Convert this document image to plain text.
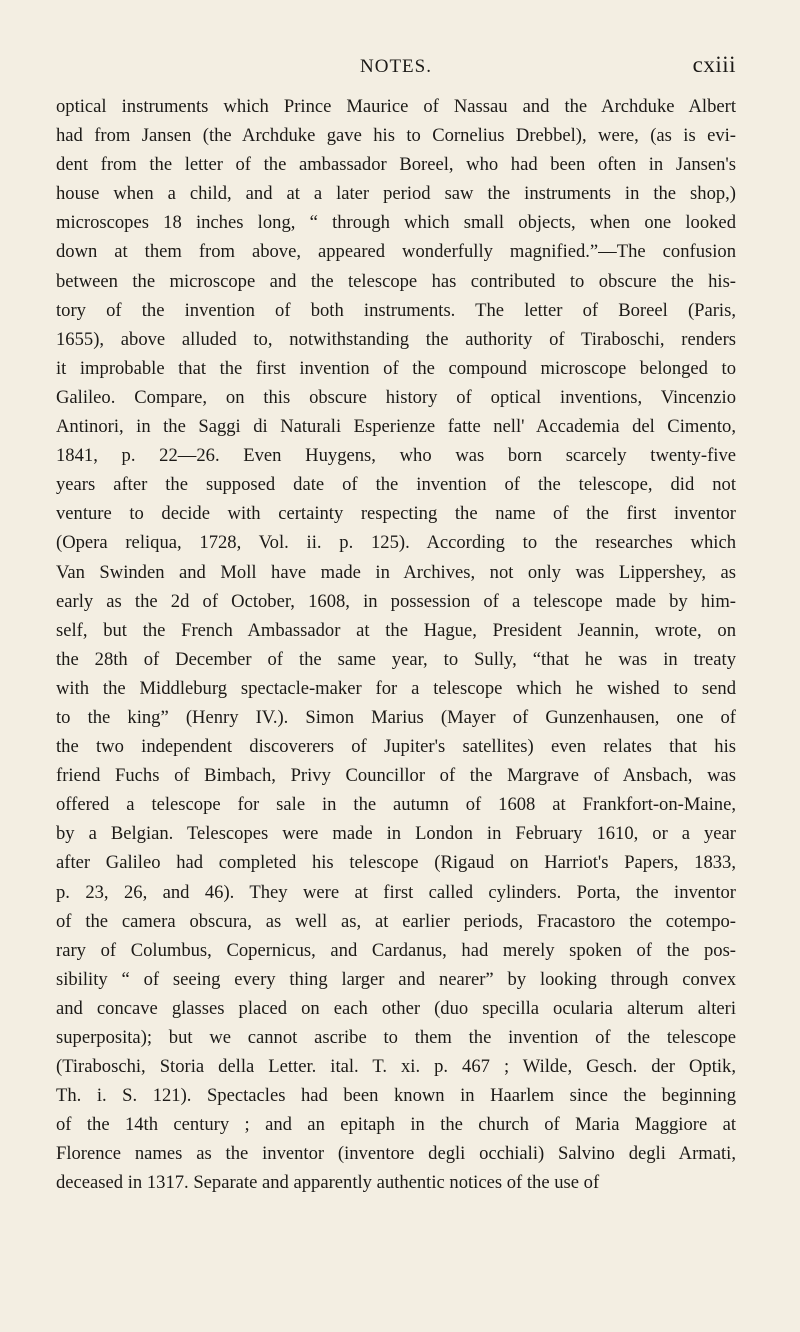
NOTES.	cxiii
optical instruments which Prince Maurice of Nassau and the Archduke Albert
had from Jansen (the Archduke gave his to Cornelius Drebbel), were, (as is evi-
dent from the letter of the ambassador Boreel, who had been often in Jansen's
house when a child, and at a later period saw the instruments in the shop,)
microscopes 18 inches long, “ through which small objects, when one looked
down at them from above, appeared wonderfully magnified.”—The confusion
between the microscope and the telescope has contributed to obscure the his-
tory of the invention of both instruments. The letter of Boreel (Paris,
1655), above alluded to, notwithstanding the authority of Tiraboschi, renders
it improbable that the first invention of the compound microscope belonged to
Galileo. Compare, on this obscure history of optical inventions, Vincenzio
Antinori, in the Saggi di Naturali Esperienze fatte nell' Accademia del Cimento,
1841, p. 22—26. Even Huygens, who was born scarcely twenty-five
years after the supposed date of the invention of the telescope, did not
venture to decide with certainty respecting the name of the first inventor
(Opera reliqua, 1728, Vol. ii. p. 125). According to the researches which
Van Swinden and Moll have made in Archives, not only was Lippershey, as
early as the 2d of October, 1608, in possession of a telescope made by him-
self, but the French Ambassador at the Hague, President Jeannin, wrote, on
the 28th of December of the same year, to Sully, “that he was in treaty
with the Middleburg spectacle-maker for a telescope which he wished to send
to the king” (Henry IV.). Simon Marius (Mayer of Gunzenhausen, one of
the two independent discoverers of Jupiter's satellites) even relates that his
friend Fuchs of Bimbach, Privy Councillor of the Margrave of Ansbach, was
offered a telescope for sale in the autumn of 1608 at Frankfort-on-Maine,
by a Belgian. Telescopes were made in London in February 1610, or a year
after Galileo had completed his telescope (Rigaud on Harriot's Papers, 1833,
p. 23, 26, and 46). They were at first called cylinders. Porta, the inventor
of the camera obscura, as well as, at earlier periods, Fracastoro the cotempo-
rary of Columbus, Copernicus, and Cardanus, had merely spoken of the pos-
sibility “ of seeing every thing larger and nearer” by looking through convex
and concave glasses placed on each other (duo specilla ocularia alterum alteri
superposita); but we cannot ascribe to them the invention of the telescope
(Tiraboschi, Storia della Letter. ital. T. xi. p. 467 ; Wilde, Gesch. der Optik,
Th. i. S. 121). Spectacles had been known in Haarlem since the beginning
of the 14th century ; and an epitaph in the church of Maria Maggiore at
Florence names as the inventor (inventore degli occhiali) Salvino degli Armati,
deceased in 1317. Separate and apparently authentic notices of the use of
